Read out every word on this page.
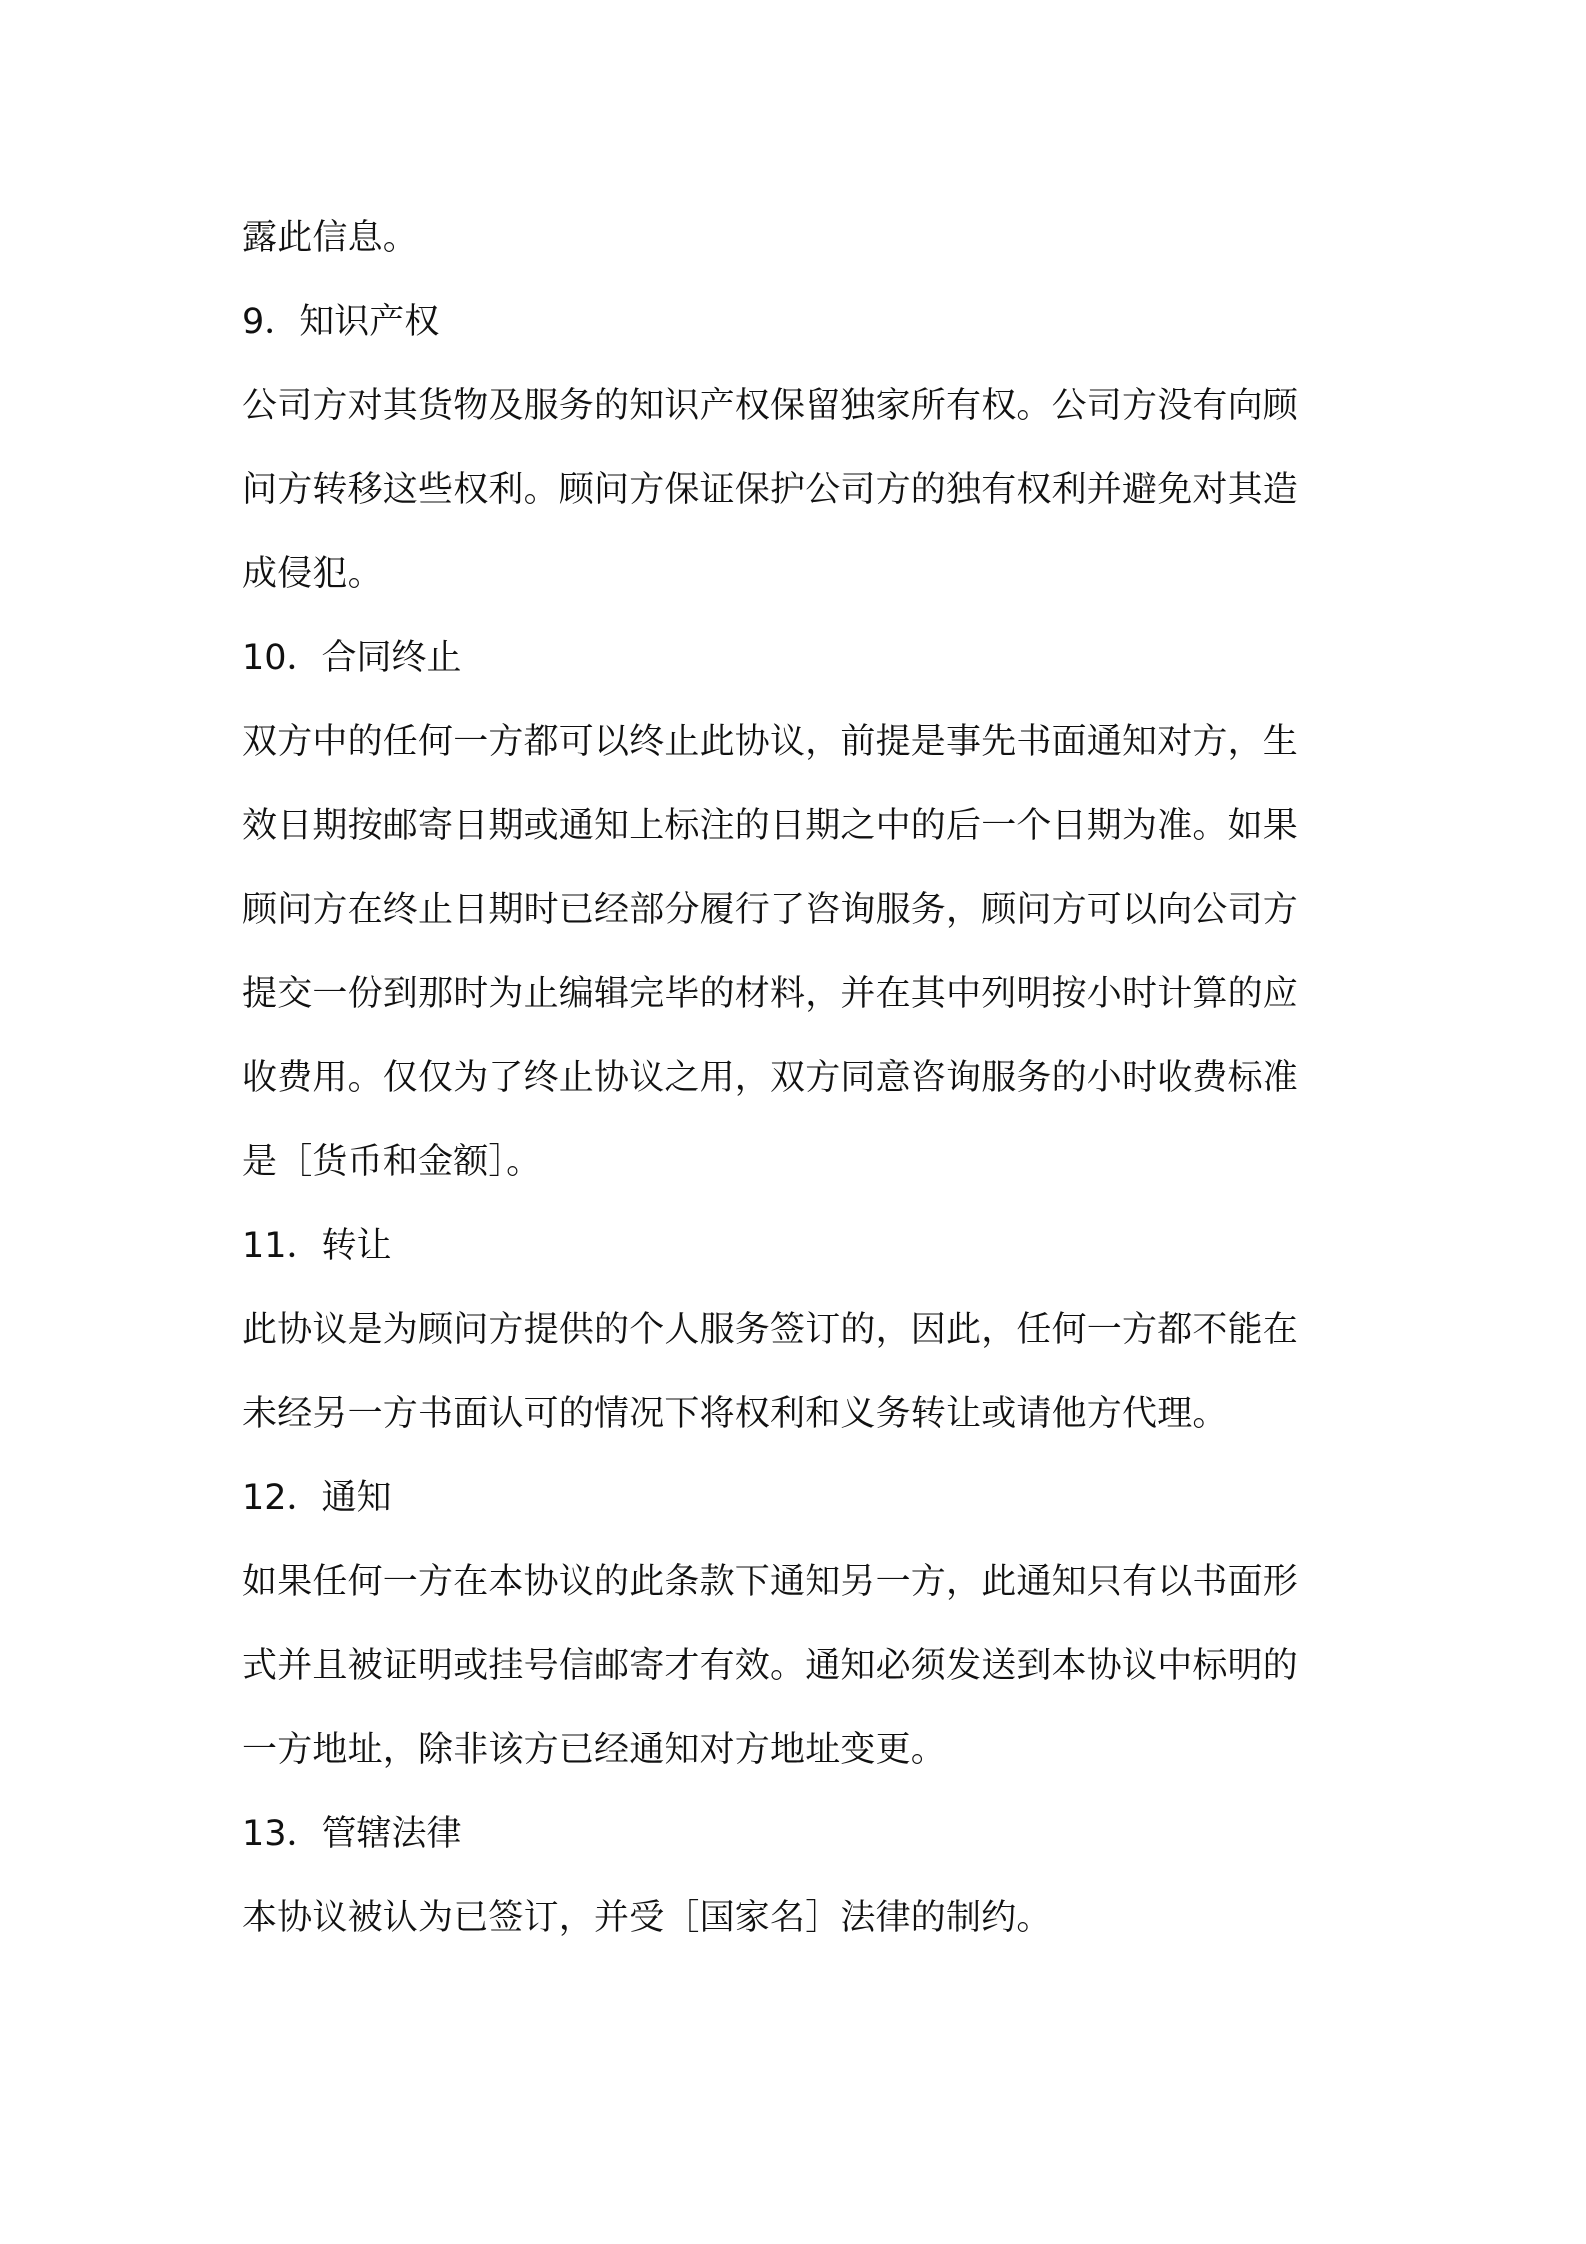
露此信息。
9．知识产权
公司方对其货物及服务的知识产权保留独家所有权。公司方没有向顾
问方转移这些权利。顾问方保证保护公司方的独有权利并避免对其造
成侵犯。
10．合同终止
双方中的任何一方都可以终止此协议，前提是事先书面通知对方，生
效日期按邮寄日期或通知上标注的日期之中的后一个日期为准。如果
顾问方在终止日期时已经部分履行了咨询服务，顾问方可以向公司方
提交一份到那时为止编辑完毕的材料，并在其中列明按小时计算的应
收费用。仅仅为了终止协议之用，双方同意咨询服务的小时收费标准
是［货币和金额］。
11．转让
此协议是为顾问方提供的个人服务签订的，因此，任何一方都不能在
未经另一方书面认可的情况下将权利和义务转让或请他方代理。
12．通知
如果任何一方在本协议的此条款下通知另一方，此通知只有以书面形
式并且被证明或挂号信邮寄才有效。通知必须发送到本协议中标明的
一方地址，除非该方已经通知对方地址变更。
13．管辖法律
本协议被认为已签订，并受［国家名］法律的制约。
